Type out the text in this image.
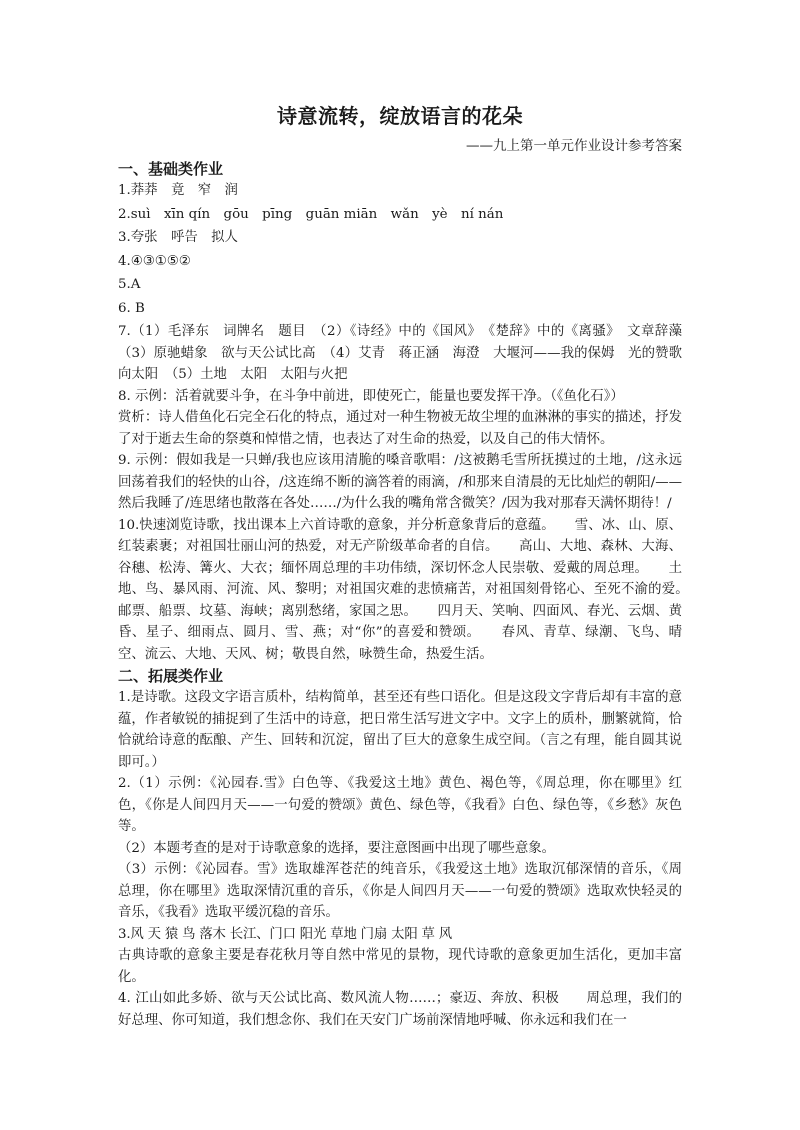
诗意流转，绽放语言的花朵
——九上第一单元作业设计参考答案
一、基础类作业

1.莽莽　竟　窄　润

2.suì　xīn qín　gōu　pīng　guān miān　wǎn　yè　ní nán

3.夸张　呼告　拟人

4.④③①⑤②

5.A

6. B

7.（1）毛泽东　词牌名　题目　（2）《诗经》中的《国风》　《楚辞》中的《离骚》　文章辞藻　（3）原驰蜡象　欲与天公试比高　（4）艾青　蒋正涵　海澄　大堰河——我的保姆　光的赞歌　向太阳　（5）土地　太阳　太阳与火把

8. 示例：活着就要斗争，在斗争中前进，即使死亡，能量也要发挥干净。（《鱼化石》）

赏析：诗人借鱼化石完全石化的特点，通过对一种生物被无故尘埋的血淋淋的事实的描述，抒发了对于逝去生命的祭奠和悼惜之情，也表达了对生命的热爱，以及自己的伟大情怀。

9. 示例：假如我是一只蝉/我也应该用清脆的嗓音歌唱：/这被鹅毛雪所抚摸过的土地，/这永远回荡着我们的轻快的山谷，/这连绵不断的滴答着的雨滴，/和那来自清晨的无比灿烂的朝阳/——然后我睡了/连思绪也散落在各处……/为什么我的嘴角常含微笑？/因为我对那春天满怀期待！/

10.快速浏览诗歌，找出课本上六首诗歌的意象，并分析意象背后的意蕴。　　雪、冰、山、原、红装素裹；对祖国壮丽山河的热爱，对无产阶级革命者的自信。　　高山、大地、森林、大海、谷穗、松涛、篝火、大衣；缅怀周总理的丰功伟绩，深切怀念人民崇敬、爱戴的周总理。　　土地、鸟、暴风雨、河流、风、黎明；对祖国灾难的悲愤痛苦，对祖国刻骨铭心、至死不渝的爱。　　邮票、船票、坟墓、海峡；离别愁绪，家国之思。　　四月天、笑响、四面风、春光、云烟、黄昏、星子、细雨点、圆月、雪、燕；对“你”的喜爱和赞颂。　　春风、青草、绿潮、飞鸟、晴空、流云、大地、天风、树；敬畏自然，咏赞生命，热爱生活。

二、拓展类作业

1.是诗歌。这段文字语言质朴，结构简单，甚至还有些口语化。但是这段文字背后却有丰富的意蕴，作者敏锐的捕捉到了生活中的诗意，把日常生活写进文字中。文字上的质朴，删繁就简，恰恰就给诗意的酝酿、产生、回转和沉淀，留出了巨大的意象生成空间。（言之有理，能自圆其说即可。）

2.（1）示例：《沁园春.雪》白色等、《我爱这土地》黄色、褐色等，《周总理，你在哪里》红色，《你是人间四月天——一句爱的赞颂》黄色、绿色等，《我看》白色、绿色等，《乡愁》灰色等。

（2）本题考查的是对于诗歌意象的选择，要注意图画中出现了哪些意象。

（3）示例：《沁园春。雪》选取雄浑苍茫的纯音乐，《我爱这土地》选取沉郁深情的音乐，《周总理，你在哪里》选取深情沉重的音乐，《你是人间四月天——一句爱的赞颂》选取欢快轻灵的音乐，《我看》选取平缓沉稳的音乐。

3.风 天 猿 鸟 落木 长江、门口 阳光 草地 门扇 太阳 草 风

古典诗歌的意象主要是春花秋月等自然中常见的景物，现代诗歌的意象更加生活化，更加丰富化。

4. 江山如此多娇、欲与天公试比高、数风流人物……；豪迈、奔放、积极　　周总理，我们的好总理、你可知道，我们想念你、我们在天安门广场前深情地呼喊、你永远和我们在一
